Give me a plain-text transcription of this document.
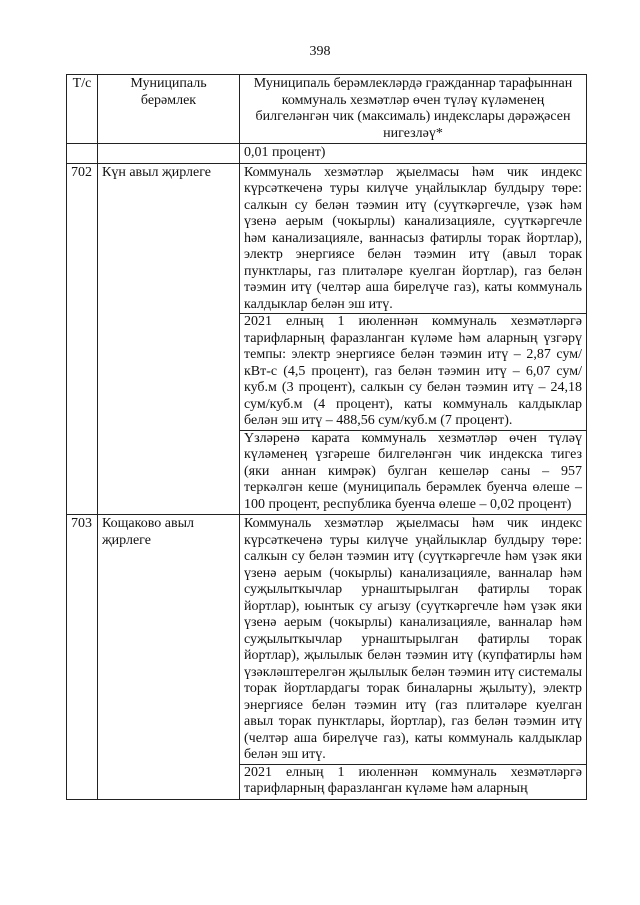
398
Т/с	Муниципаль берәмлек	Муниципаль берәмлекләрдә гражданнар тарафыннан коммуналь хезмәтләр өчен түләү күләменең билгеләнгән чик (максималь) индекслары дәрәҗәсен нигезләү*
		0,01 процент)
702	Күн авыл җирлеге	Коммуналь хезмәтләр җыелмасы һәм чик индекс күрсәткеченә туры килүче уңайлыклар булдыру төре: салкын су белән тәэмин итү (суүткәргечле, үзәк һәм үзенә аерым (чокырлы) канализацияле, суүткәргечле һәм канализацияле, ваннасыз фатирлы торак йортлар), электр энергиясе белән тәэмин итү (авыл торак пунктлары, газ плитәләре куелган йортлар), газ белән тәэмин итү (челтәр аша бирелүче газ), каты коммуналь калдыклар белән эш итү.

2021 елның 1 июленнән коммуналь хезмәтләргә тарифларның фаразланган күләме һәм аларның үзгәрү темпы: электр энергиясе белән тәэмин итү – 2,87 сум/кВт-с (4,5 процент), газ белән тәэмин итү – 6,07 сум/куб.м (3 процент), салкын су белән тәэмин итү – 24,18 сум/куб.м (4 процент), каты коммуналь калдыклар белән эш итү – 488,56 сум/куб.м (7 процент).

Үзләренә карата коммуналь хезмәтләр өчен түләү күләменең үзгәреше билгеләнгән чик индекска тигез (яки аннан кимрәк) булган кешеләр саны – 957 теркәлгән кеше (муниципаль берәмлек буенча өлеше – 100 процент, республика буенча өлеше – 0,02 процент)

703	Кощаково авыл җирлеге	Коммуналь хезмәтләр җыелмасы һәм чик индекс күрсәткеченә туры килүче уңайлыклар булдыру төре: салкын су белән тәэмин итү (суүткәргечле һәм үзәк яки үзенә аерым (чокырлы) канализацияле, ванналар һәм суҗылыткычлар урнаштырылган фатирлы торак йортлар), юынтык су агызу (суүткәргечле һәм үзәк яки үзенә аерым (чокырлы) канализацияле, ванналар һәм суҗылыткычлар урнаштырылган фатирлы торак йортлар), җылылык белән тәэмин итү (купфатирлы һәм үзәкләштерелгән җылылык белән тәэмин итү системалы торак йортлардагы торак биналарны җылыту), электр энергиясе белән тәэмин итү (газ плитәләре куелган авыл торак пунктлары, йортлар), газ белән тәэмин итү (челтәр аша бирелүче газ), каты коммуналь калдыклар белән эш итү.

2021 елның 1 июленнән коммуналь хезмәтләргә тарифларның фаразланган күләме һәм аларның
